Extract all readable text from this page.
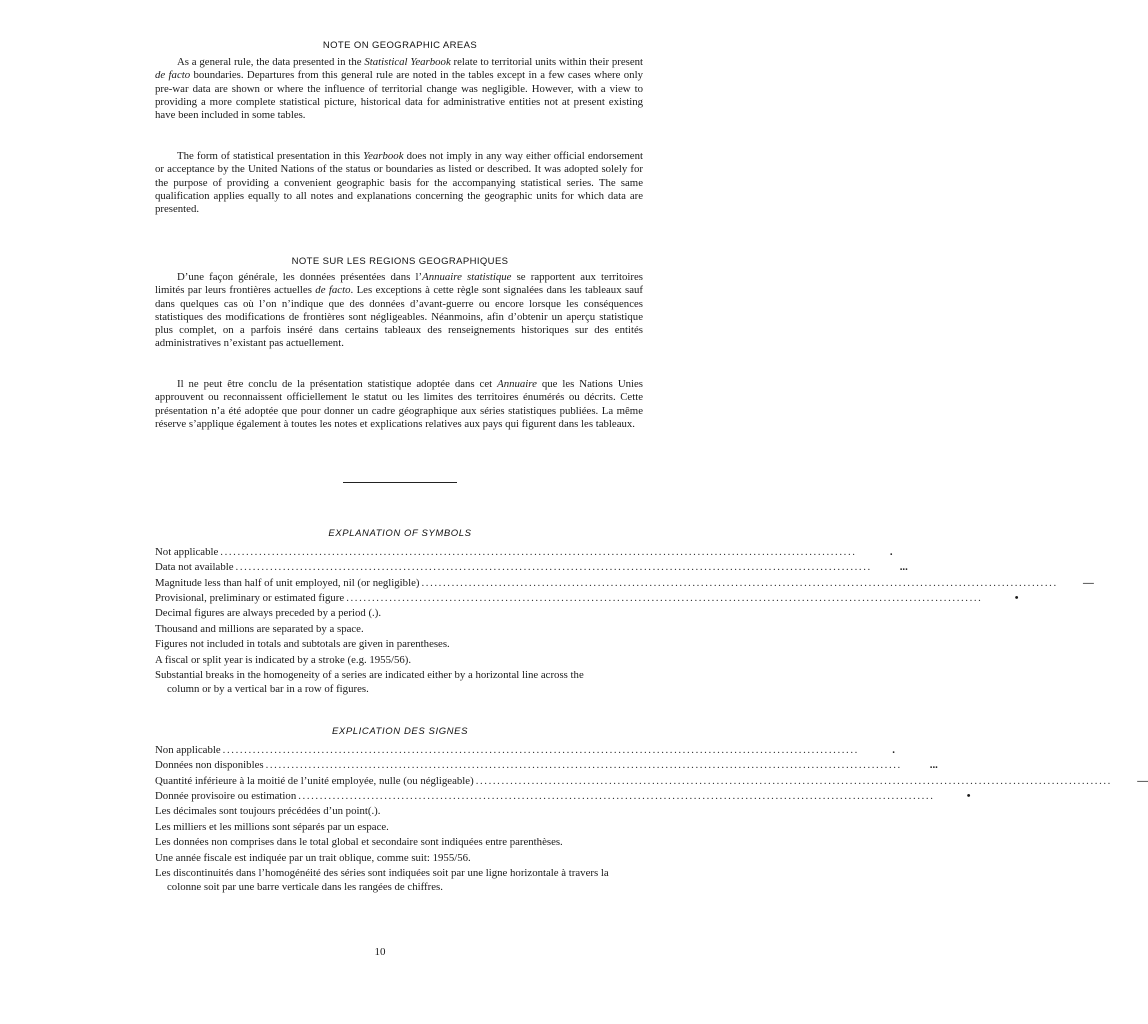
NOTE ON GEOGRAPHIC AREAS

As a general rule, the data presented in the Statistical Yearbook relate to territorial units within their present de facto boundaries. Departures from this general rule are noted in the tables except in a few cases where only pre-war data are shown or where the influence of territorial change was negligible. However, with a view to providing a more complete statistical picture, historical data for administrative entities not at present existing have been included in some tables.

The form of statistical presentation in this Yearbook does not imply in any way either official endorsement or acceptance by the United Nations of the status or boundaries as listed or described. It was adopted solely for the purpose of providing a convenient geographic basis for the accompanying statistical series. The same qualification applies equally to all notes and explanations concerning the geographic units for which data are presented.

NOTE SUR LES REGIONS GEOGRAPHIQUES

D’une façon générale, les données présentées dans l’Annuaire statistique se rapportent aux territoires limités par leurs frontières actuelles de facto. Les exceptions à cette règle sont signalées dans les tableaux sauf dans quelques cas où l’on n’indique que des données d’avant-guerre ou encore lorsque les conséquences statistiques des modifications de frontières sont négligeables. Néanmoins, afin d’obtenir un aperçu statistique plus complet, on a parfois inséré dans certains tableaux des renseignements historiques sur des entités administratives n’existant pas actuellement.

Il ne peut être conclu de la présentation statistique adoptée dans cet Annuaire que les Nations Unies approuvent ou reconnaissent officiellement le statut ou les limites des territoires énumérés ou décrits. Cette présentation n’a été adoptée que pour donner un cadre géographique aux séries statistiques publiées. La même réserve s’applique également à toutes les notes et explications relatives aux pays qui figurent dans les tableaux.

EXPLANATION OF SYMBOLS
Not applicable ....................................................................................................................................................	.
Data not available ....................................................................................................................................................	...
Magnitude less than half of unit employed, nil (or negligible) ....................................................................................................................................................	—
Provisional, preliminary or estimated figure ....................................................................................................................................................	•
Decimal figures are always preceded by a period (.).
Thousand and millions are separated by a space.
Figures not included in totals and subtotals are given in parentheses.
A fiscal or split year is indicated by a stroke (e.g. 1955/56).
Substantial breaks in the homogeneity of a series are indicated either by a horizontal line across the column or by a vertical bar in a row of figures.
EXPLICATION DES SIGNES
Non applicable ....................................................................................................................................................	.
Données non disponibles ....................................................................................................................................................	...
Quantité inférieure à la moitié de l’unité employée, nulle (ou négligeable) ....................................................................................................................................................	—
Donnée provisoire ou estimation ....................................................................................................................................................	•
Les décimales sont toujours précédées d’un point(.).
Les milliers et les millions sont séparés par un espace.
Les données non comprises dans le total global et secondaire sont indiquées entre parenthèses.
Une année fiscale est indiquée par un trait oblique, comme suit: 1955/56.
Les discontinuités dans l’homogénéité des séries sont indiquées soit par une ligne horizontale à travers la colonne soit par une barre verticale dans les rangées de chiffres.
10
